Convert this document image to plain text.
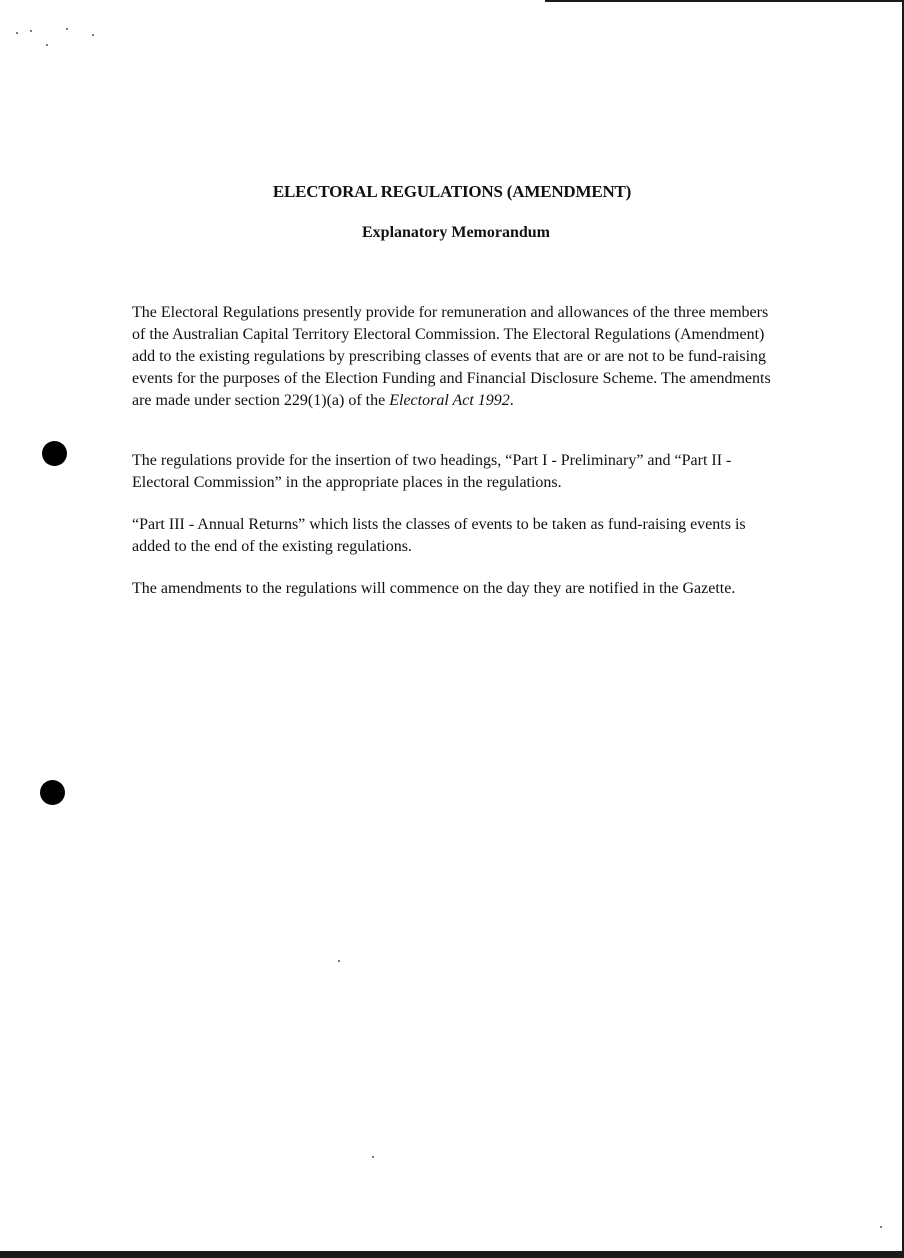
ELECTORAL REGULATIONS (AMENDMENT)
Explanatory Memorandum

The Electoral Regulations presently provide for remuneration and allowances of the three members of the Australian Capital Territory Electoral Commission. The Electoral Regulations (Amendment) add to the existing regulations by prescribing classes of events that are or are not to be fund-raising events for the purposes of the Election Funding and Financial Disclosure Scheme. The amendments are made under section 229(1)(a) of the Electoral Act 1992.

The regulations provide for the insertion of two headings, “Part I - Preliminary” and “Part II - Electoral Commission” in the appropriate places in the regulations.

“Part III - Annual Returns” which lists the classes of events to be taken as fund-raising events is added to the end of the existing regulations.

The amendments to the regulations will commence on the day they are notified in the Gazette.
